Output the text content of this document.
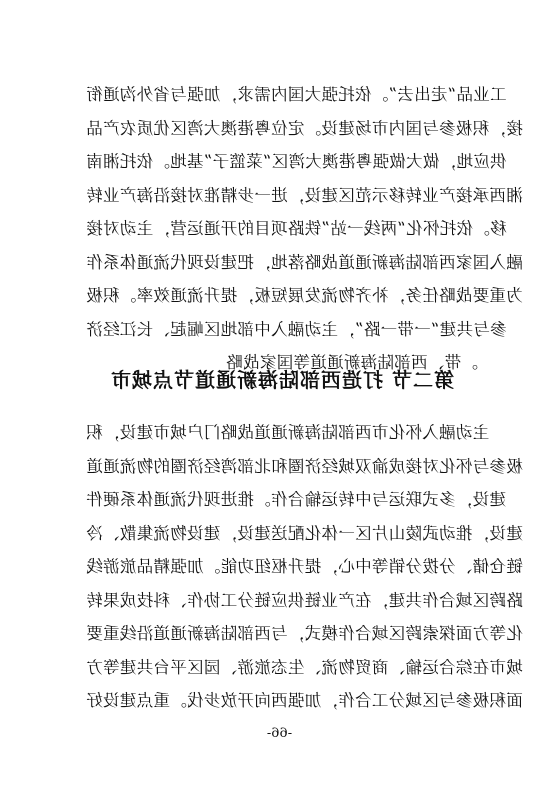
工业品“走出去”。依托强大国内需求，加强与省外沟通衔
接，积极参与国内市场建设。定位粤港澳大湾区优质农产品
供应地，做大做强粤港澳大湾区“菜篮子”基地。依托湘南
湘西承接产业转移示范区建设，进一步精准对接沿海产业转
移。依托怀化“两线一站”铁路项目的开通运营，主动对接
融入国家西部陆海新通道战略落地，把建设现代流通体系作
为重要战略任务，补齐物流发展短板，提升流通效率。积极
参与共建“一带一路”，主动融入中部地区崛起、长江经济
带、西部陆海新通道等国家战略。
第二节 打造西部陆海新通道节点城市
主动融入怀化市西部陆海新通道战略门户城市建设，积
极参与怀化对接成渝双城经济圈和北部湾经济圈的物流通道
建设，多式联运与中转运输合作。推进现代流通体系硬件
建设，推动武陵山片区一体化配送建设，建设物流集散、冷
链仓储、分拨分销等中心，提升枢纽功能。加强精品旅游线
路跨区域合作共建，在产业链供应链分工协作、科技成果转
化等方面探索跨区域合作模式，与西部陆海新通道沿线重要
城市在综合运输、商贸物流、生态旅游、园区平台共建等方
面积极参与区域分工合作，加强西向开放步伐。重点建设好
-66-
